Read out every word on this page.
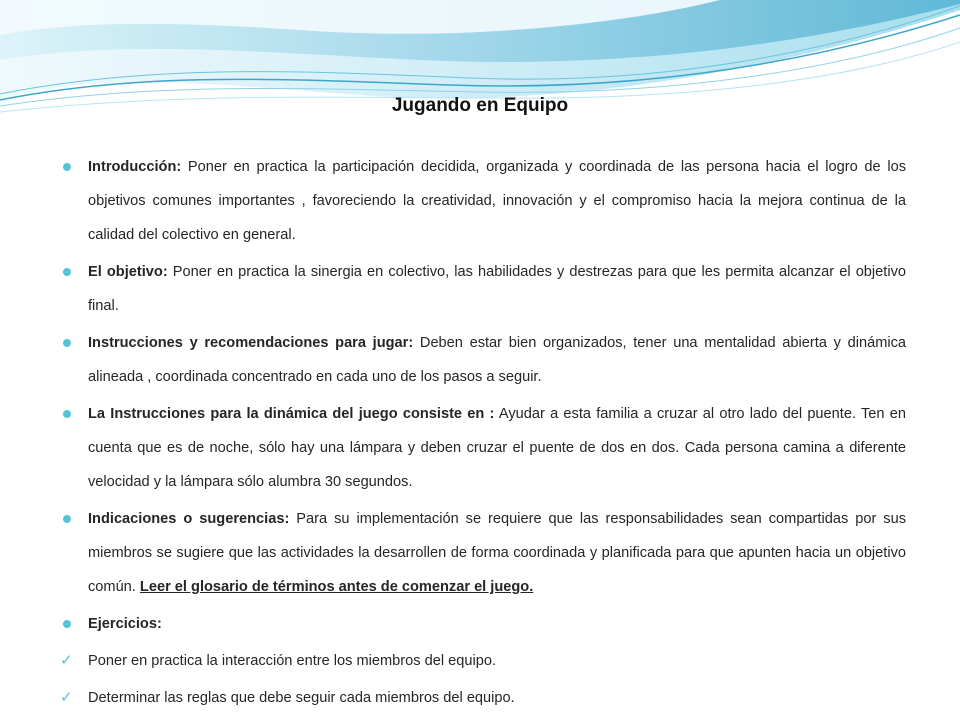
Jugando en Equipo
Introducción: Poner en practica la participación decidida, organizada y coordinada de las persona hacia el logro de los objetivos comunes importantes , favoreciendo la creatividad, innovación y el compromiso hacia la mejora continua de la calidad del colectivo en general.
El objetivo: Poner en practica la sinergia en colectivo, las habilidades y destrezas para que les permita alcanzar el objetivo final.
Instrucciones y recomendaciones para jugar: Deben estar bien organizados, tener una mentalidad abierta y dinámica alineada , coordinada concentrado en cada uno de los pasos a seguir.
La Instrucciones para la dinámica del juego consiste en : Ayudar a esta familia a cruzar al otro lado del puente. Ten en cuenta que es de noche, sólo hay una lámpara y deben cruzar el puente de dos en dos. Cada persona camina a diferente velocidad y la lámpara sólo alumbra 30 segundos.
Indicaciones o sugerencias: Para su implementación se requiere que las responsabilidades sean compartidas por sus miembros se sugiere que las actividades la desarrollen de forma coordinada y planificada para que apunten hacia un objetivo común. Leer el glosario de términos antes de comenzar el juego.
Ejercicios:
✓ Poner en practica la interacción entre los miembros del equipo.
✓ Determinar las reglas que debe seguir cada miembros del equipo.
